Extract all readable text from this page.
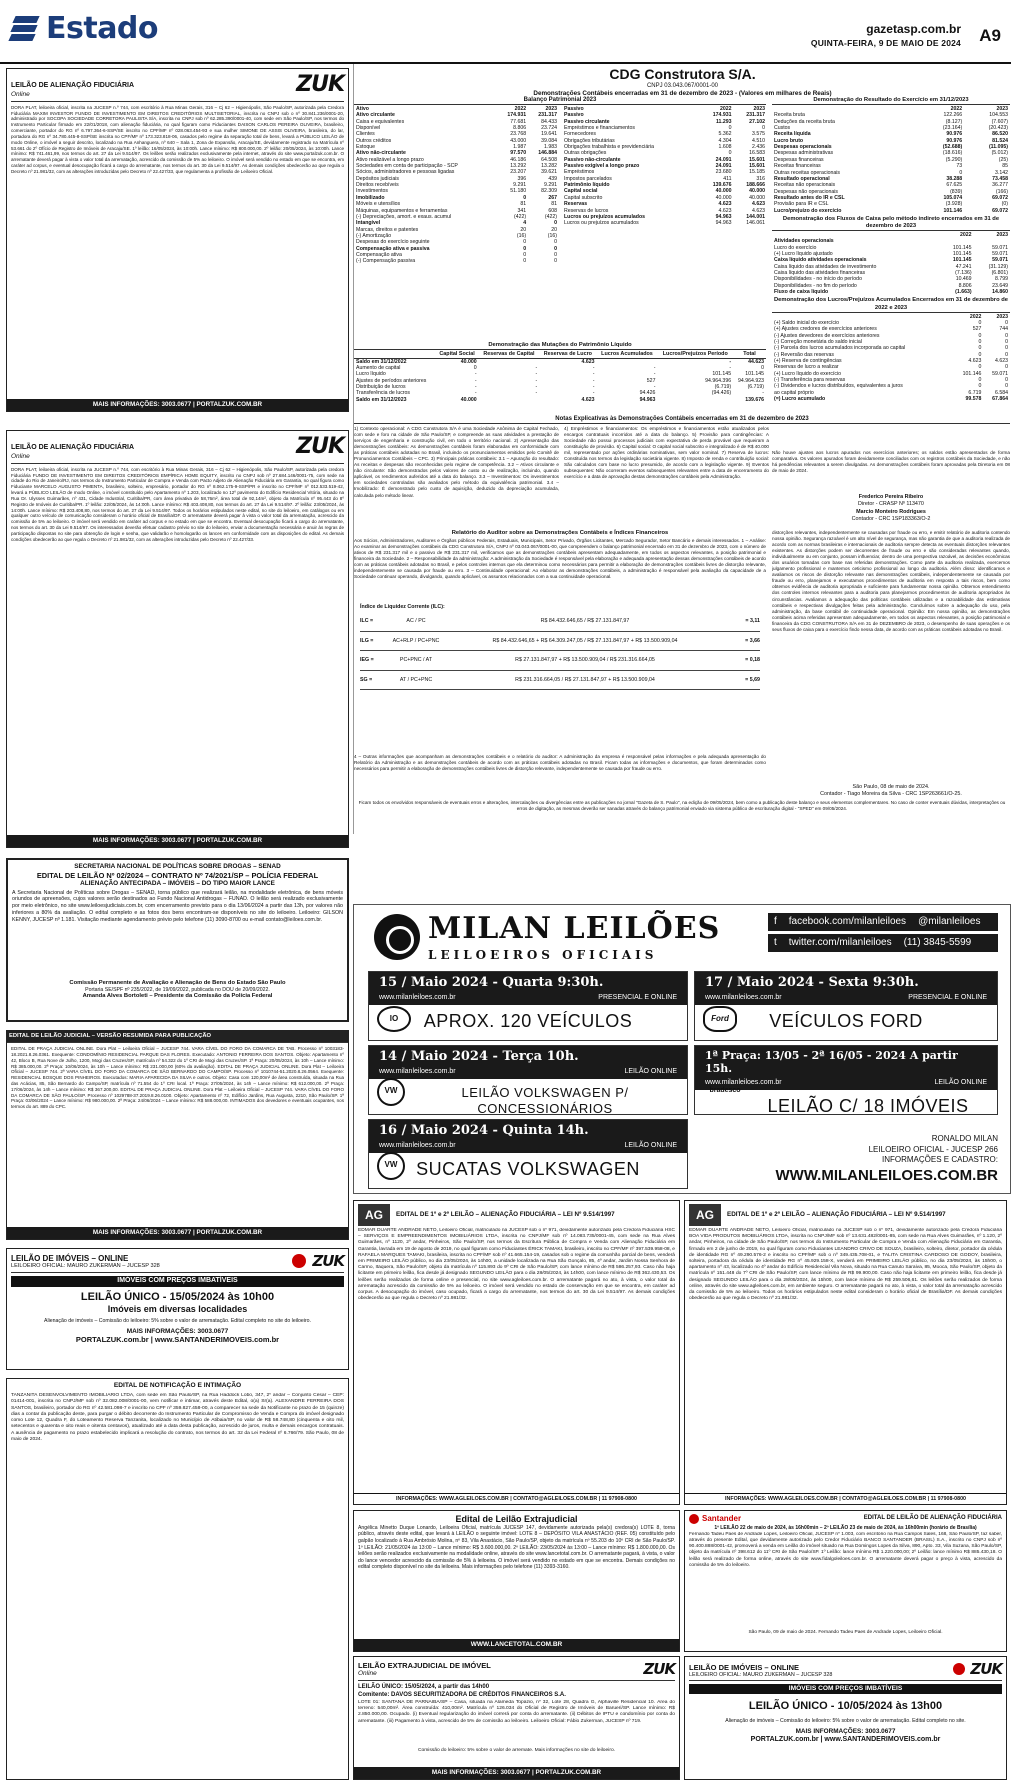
Estado	gazetasp.com.br
QUINTA-FEIRA, 9 DE MAIO DE 2024 A9
LEILÃO DE ALIENAÇÃO FIDUCIÁRIA
Online	ZUK
DORA PLAT, leiloeira oficial, inscrita na JUCESP n.º 744, com escritório à Rua Minas Gerais, 316 – Cj 62 – Higienópolis, São Paulo/SP, autorizada pela Credora Fiduciária MAXIM INVESTOR FUNDO DE INVESTIMENTO EM DIREITOS CREDITÓRIOS MULTISETORIAL, inscrita no CNPJ sob o nº 30.841.236/0001-20, administrado por SOCOPA SOCIEDADE CORRETORA PAULISTA S/A, inscrita no CNPJ sob nº 62.285.390/0001-40, com sede em São Paulo/SP, nos termos do Instrumento Particular firmado em 22/01/2018, com alienação fiduciária, no qual figuram como Fiduciantes DAISON CARLOS PEREIRA OLIVEIRA, brasileiro, comerciante, portador do RG nº 6.797.364-6-SSP/SE inscrito no CPF/MF nº 028.063.454-93 e sua mulher SIMONE DE ASSIS OLIVEIRA, brasileira, do lar, portadora do RG nº 34.780.445-8-SSP/SE inscrita no CPF/MF nº 173.323.818-06, casados pelo regime da separação total de bens, levará a PÚBLICO LEILÃO de modo Online, o imóvel a seguir descrito, localizado na Rua Anhanguera, nº 640 – Sala 1, Zona de Expansão, Aracaju/SE, devidamente registrado na Matrícula nº 53.661 do 2º Ofício de Registro de Imóveis de Aracaju/SE. 1º leilão: 16/05/2024, às 10:00h. Lance mínimo: R$ 800.000,00. 2º leilão: 20/05/2024, às 10:00h. Lance mínimo: R$ 741.461,99, nos termos do art. 27 da Lei 9.514/97. Os leilões serão realizados exclusivamente pela internet, através do site www.portalzuk.com.br. O arrematante deverá pagar à vista o valor total da arrematação, acrescido da comissão de 5% ao leiloeiro. O imóvel será vendido no estado em que se encontra, em caráter ad corpus, e eventual desocupação ficará a cargo do arrematante, nos termos do art. 30 da Lei 9.514/97. As demais condições obedecerão ao que regula o Decreto nº 21.981/32, com as alterações introduzidas pelo Decreto nº 22.427/33, que regulamenta a profissão de Leiloeiro Oficial.
MAIS INFORMAÇÕES: 3003.0677 | PORTALZUK.COM.BR
LEILÃO DE ALIENAÇÃO FIDUCIÁRIA
Online	ZUK
DORA PLAT, leiloeira oficial, inscrita na JUCESP n.º 744, com escritório à Rua Minas Gerais, 316 – Cj 62 – Higienópolis, São Paulo/SP, autorizada pela credora Fiduciária FUNDO DE INVESTIMENTO EM DIREITOS CREDITÓRIOS EMPÍRICA HOME EQUITY, inscrito no CNPJ sob nº 27.684.146/0001-75, com sede na cidade do Rio de Janeiro/RJ, nos termos do Instrumento Particular de Compra e Venda com Pacto Adjeto de Alienação Fiduciária em Garantia, no qual figura como Fiduciante MARCELO AUGUSTO PIMENTA, brasileiro, solteiro, empresário, portador do RG nº 8.062.175-9-SSP/PR e inscrito no CPF/MF nº 012.533.519-42, levará a PÚBLICO LEILÃO de modo Online, o imóvel constituído pelo Apartamento nº 1.203, localizado no 12º pavimento do Edifício Residencial Vitória, situado na Rua Dr. Ulysses Guimarães, nº 431, Cidade Industrial, Curitiba/PR, com área privativa de 58,76m², área total de 92,14m², objeto da Matrícula nº 95.443 do 8º Registro de Imóveis de Curitiba/PR. 1º leilão: 22/05/2024, às 14:00h. Lance mínimo: R$ 403.408,80, nos termos do art. 27 da Lei 9.514/97. 2º leilão: 23/05/2024, às 14:00h. Lance mínimo: R$ 203.408,80, nos termos do art. 27 da Lei 9.514/97. Todos os horários estipulados neste edital, no site do leiloeiro, em catálogos ou em qualquer outro veículo de comunicação consideram o horário oficial de Brasília/DF. O arrematante deverá pagar à vista o valor total da arrematação, acrescido da comissão de 5% ao leiloeiro. O imóvel será vendido em caráter ad corpus e no estado em que se encontra. Eventual desocupação ficará a cargo do arrematante, nos termos do art. 30 da Lei 9.514/97. Os interessados deverão efetuar cadastro prévio no site do leiloeiro, enviar a documentação necessária e anuir às regras de participação dispostas no site para obtenção de login e senha, que validarão e homologarão os lances em conformidade com as disposições do edital. As demais condições obedecerão ao que regula o Decreto nº 21.981/32, com as alterações introduzidas pelo Decreto nº 22.427/33.
MAIS INFORMAÇÕES: 3003.0677 | PORTALZUK.COM.BR
SECRETARIA NACIONAL DE POLÍTICAS SOBRE DROGAS – SENAD
EDITAL DE LEILÃO Nº 02/2024 – CONTRATO Nº 74/2021/SP – POLÍCIA FEDERAL
ALIENAÇÃO ANTECIPADA – IMÓVEIS – DO TIPO MAIOR LANCE
A Secretaria Nacional de Políticas sobre Drogas – SENAD, torna público que realizará leilão, na modalidade eletrônica, de bens móveis oriundos de apreensões, cujos valores serão destinados ao Fundo Nacional Antidrogas – FUNAD. O leilão será realizado exclusivamente por meio eletrônico, no site www.leiloesjudiciais.com.br, com encerramento previsto para o dia 13/06/2024 a partir das 13h, por valores não inferiores a 80% da avaliação. O edital completo e as fotos dos bens encontram-se disponíveis no site do leiloeiro. Leiloeiro: GILSON KENNY, JUCESP nº 1.181. Visitação mediante agendamento prévio pelo telefone (11) 3090-8700 ou e-mail contato@leiloes.com.br.
Comissão Permanente de Avaliação e Alienação de Bens do Estado São Paulo
Portaria SE/SPF nº 235/2022, de 19/09/2022, publicada no DOU de 20/09/2022.
Amanda Alves Bortoleti – Presidente da Comissão da Polícia Federal
EDITAL DE LEILÃO JUDICIAL – VERSÃO RESUMIDA PARA PUBLICAÇÃO
EDITAL DE PRAÇA JUDICIAL ONLINE. Dora Plat – Leiloeira Oficial – JUCESP 744. VARA CÍVEL DO FORO DA COMARCA DE TAB. Processo nº 1003183-18.2021.8.26.0361. Exequente: CONDOMÍNIO RESIDENCIAL PARQUE DAS FLORES. Executado: ANTONIO FERREIRA DOS SANTOS. Objeto: Apartamento nº 42, Bloco B, Rua Nove de Julho, 1200, Mogi das Cruzes/SP, matrícula nº 54.322 do 1º CRI de Mogi das Cruzes/SP. 1ª Praça: 20/05/2024, às 10h – Lance mínimo: R$ 385.000,00. 2ª Praça: 10/06/2024, às 10h – Lance mínimo: R$ 231.000,00 (60% da avaliação). EDITAL DE PRAÇA JUDICIAL ONLINE. Dora Plat – Leiloeira Oficial – JUCESP 744. 2ª VARA CÍVEL DO FORO DA COMARCA DE SÃO BERNARDO DO CAMPO/SP. Processo nº 1010744-51.2020.8.26.0564. Exequente: RESIDENCIAL BOSQUE DOS PINHEIROS. Executados: MARIA APARECIDA DA SILVA e outros. Objeto: Casa com 120,00m² de área construída, situada na Rua das Acácias, 85, São Bernardo do Campo/SP, matrícula nº 71.554 do 1º CRI local. 1ª Praça: 27/05/2024, às 14h – Lance mínimo: R$ 612.000,00. 2ª Praça: 17/06/2024, às 14h – Lance mínimo: R$ 367.200,00. EDITAL DE PRAÇA JUDICIAL ONLINE. Dora Plat – Leiloeira Oficial – JUCESP 744. VARA CÍVEL DO FORO DA COMARCA DE SÃO PAULO/SP. Processo nº 1029788-37.2019.8.26.0100. Objeto: Apartamento nº 72, Edifício Jardins, Rua Augusta, 2210, São Paulo/SP. 1ª Praça: 03/06/2024 – Lance mínimo: R$ 980.000,00. 2ª Praça: 24/06/2024 – Lance mínimo: R$ 588.000,00. INTIMADOS dos devedores e eventuais ocupantes, nos termos do art. 889 do CPC.
MAIS INFORMAÇÕES: 3003.0677 | PORTALZUK.COM.BR
LEILÃO DE IMÓVEIS – ONLINE
LEILOEIRO OFICIAL: MAURO ZUKERMAN – JUCESP 328	ZUK
IMÓVEIS COM PREÇOS IMBATÍVEIS
LEILÃO ÚNICO - 15/05/2024 às 10h00
Imóveis em diversas localidades
Alienação de imóveis – Comissão do leiloeiro: 5% sobre o valor de arrematação. Edital completo no site do leiloeiro.
MAIS INFORMAÇÕES: 3003.0677
PORTALZUK.com.br | www.SANTANDERIMOVEIS.com.br
EDITAL DE NOTIFICAÇÃO E INTIMAÇÃO
TANZANITA DESENVOLVIMENTO IMOBILIÁRIO LTDA, com sede em São Paulo/SP, na Rua Haddock Lobo, 347, 2º andar – Conjunto César – CEP: 01414-001, inscrita no CNPJ/MF sob nº 32.082.008/0001-00, vem notificar e intimar, através deste Edital, o(a) Sr(a). ALEXANDRE FERREIRA DOS SANTOS, brasileiro, portador do RG nº 42.581.098-7 e inscrito no CPF nº 359.827.458-00, a comparecer na sede da Notificante no prazo de 15 (quinze) dias a contar da publicação deste, para purgar o débito decorrente do Instrumento Particular de Compromisso de Venda e Compra do imóvel designado como Lote 12, Quadra F, do Loteamento Reserva Tanzanita, localizado no Município de Atibaia/SP, no valor de R$ 58.748,80 (cinquenta e oito mil, setecentos e quarenta e oito reais e oitenta centavos), atualizado até a data desta publicação, acrescido de juros, multa e demais encargos contratuais. A ausência de pagamento no prazo estabelecido implicará a resolução do contrato, nos termos do art. 32 da Lei Federal nº 6.766/79. São Paulo, 08 de maio de 2024.
CDG Construtora S/A.
CNPJ 03.043.067/0001-00
Demonstrações Contábeis encerradas em 31 de dezembro de 2023 - (Valores em milhares de Reais)
Balanço Patrimonial 2023
Ativo	2022	2023
Ativo circulante	174.931	231.317
Caixa e equivalentes	77.681	84.433
Disponível	8.806	23.724
Clientes	23.768	19.641
Outros créditos	43.000	39.084
Estoque	1.987	1.983
Ativo não-circulante	97.570	146.884
Ativo realizável a longo prazo	46.186	64.508
Sociedades em conta de participação - SCP	13.292	13.282
Sócios, administradores e pessoas ligadas	23.207	39.621
Depósitos judiciais	396	439
Direitos recebíveis	9.291	9.291
Investimentos	51.180	82.309
Imobilizado	0	267
Móveis e utensílios	81	81
Máquinas, equipamentos e ferramentas	341	608
(-) Depreciações, amort. e exaus. acumul	(422)	(422)
Intangível	4	0
Marcas, direitos e patentes	20	20
(-) Amortização	(16)	(16)
Despesas do exercício seguinte	0	0
Compensação ativa e passiva	0	0
Compensação ativa	0	0
(-) Compensação passiva	0	0
Passivo	2022	2023
Passivo	174.931	231.317
Passivo circulante	11.293	27.102
Empréstimos e financiamentos	0	0
Fornecedores	5.362	3.575
Obrigações tributárias	4.304	4.510
Obrigações trabalhista e previdenciária	1.608	2.436
Outras obrigações	0	16.583
Passivo não-circulante	24.091	15.601
Passivo exigível a longo prazo	24.091	15.601
Empréstimos	23.680	15.185
Impostos parcelados	411	316
Patrimônio líquido	139.676	188.666
Capital social	40.000	40.000
Capital subscrito	40.000	40.000
Reservas	4.623	4.623
Reservas de lucros	4.623	4.623
Lucros ou prejuízos acumulados	94.963	144.001
Lucros ou prejuízos acumulados	94.963	146.061
Demonstração do Resultado do Exercício em 31/12/2023
	2022	2023
Receita bruta	122.266	104.553
Deduções da receita bruta	(8.127)	(7.607)
Custos	(23.164)	(20.423)
Receita líquida	90.976	86.520
Lucro bruto	90.976	81.524
Despesas operacionais	(52.688)	(11.095)
Despesas administrativas	(18.616)	(5.012)
Despesas financeiras	(5.290)	(25)
Receitas financeiras	73	85
Outras receitas operacionais	0	3.142
Resultado operacional	38.288	73.458
Receitas não operacionais	67.625	36.277
Despesas não operacionais	(839)	(166)
Resultado antes do IR e CSL	105.074	69.072
Provisão para IR e CSL	(3.928)	(0)
Lucro/prejuízo do exercício	101.146	69.072
Demonstração dos Fluxos de Caixa pelo método indireto encerrados em 31 de dezembro de 2023
	2022	2023
Atividades operacionais		
Lucro do exercício	101.145	59.071
(+) Lucro líquido ajustado	101.145	59.071
Caixa líquido atividades operacionais	101.145	59.071
Caixa líquido das atividades de investimento	47.241	(31.129)
Caixa líquido das atividades financeiras	(7.136)	(6.801)
Disponibilidades - no início do período	10.469	8.799
Disponibilidades - no fim do período	8.806	23.649
Fluxo de caixa líquido	(1.663)	14.860
Demonstração dos Lucros/Prejuízos Acumulados Encerrados em 31 de dezembro de 2022 e 2023
	2022	2023
(+) Saldo inicial do exercício	0	0
(+) Ajustes credores de exercícios anteriores	527	744
(-) Ajustes devedores de exercícios anteriores	0	0
(-) Correção monetária do saldo inicial	0	0
(-) Parcela dos lucros acumulados incorporada ao capital	0	0
(-) Reversão das reservas	0	0
(+) Reserva de contingências	4.623	4.623
Reservas de lucro a realizar	0	0
(+) Lucro líquido do exercício	101.146	59.071
(-) Transferência para reservas	0	0
(-) Dividendos e lucros distribuídos, equivalentes a juros	0	0
ao capital próprio	6.719	6.584
(=) Lucro acumulado	99.578	67.864
Demonstração das Mutações do Patrimônio Líquido
	Capital Social	Reservas de Capital	Reservas de Lucro	Lucros Acumulados	Lucros/Prejuízos Período	Total
Saldo em 31/12/2022	40.000		4.623		-	44.623
Aumento de capital	0	-	-	-	-	0
Lucro líquido	-	-	-	-	101.145	101.145
Ajustes de períodos anteriores	-	-	-	527	94.964.396	94.964.923
Distribuição de lucros	-	-	-	-	(6.719)	(6.719)
Transferência de lucros	-	-	-	94.426	(94.426)	-
Saldo em 31/12/2023	40.000		4.623	94.963		139.676
Notas Explicativas às Demonstrações Contábeis encerradas em 31 de dezembro de 2023
1) Contexto operacional: A CDG Construtora S/A é uma Sociedade Anônima de Capital Fechado, com sede e foro na cidade de São Paulo/SP, e compreende as suas atividades a prestação de serviços de engenharia e construção civil, em todo o território nacional. 2) Apresentação das demonstrações contábeis: As demonstrações contábeis foram elaboradas em conformidade com as práticas contábeis adotadas no Brasil, incluindo os pronunciamentos emitidos pelo Comitê de Pronunciamentos Contábeis – CPC. 3) Principais práticas contábeis: 3.1 – Apuração do resultado: As receitas e despesas são reconhecidas pelo regime de competência. 3.2 – Ativos circulante e não circulante: São demonstrados pelos valores de custo ou de realização, incluindo, quando aplicável, os rendimentos auferidos até a data do balanço. 3.3 – Investimentos: Os investimentos em sociedades controladas são avaliados pelo método da equivalência patrimonial. 3.4 – Imobilizado: É demonstrado pelo custo de aquisição, deduzido da depreciação acumulada, calculada pelo método linear.
4) Empréstimos e financiamentos: Os empréstimos e financiamentos estão atualizados pelos encargos contratuais incorridos até a data do balanço. 5) Provisão para contingências: A Sociedade não possui processos judiciais com expectativa de perda provável que requeiram a constituição de provisão. 6) Capital social: O capital social subscrito e integralizado é de R$ 40.000 mil, representado por ações ordinárias nominativas, sem valor nominal. 7) Reserva de lucros: Constituída nos termos da legislação societária vigente. 8) Imposto de renda e contribuição social: São calculados com base no lucro presumido, de acordo com a legislação vigente. 9) Eventos subsequentes: Não ocorreram eventos subsequentes relevantes entre a data de encerramento do exercício e a data de aprovação destas demonstrações contábeis pela Administração.
Não houve ajustes aos lucros apurados nos exercícios anteriores; os saldos estão apresentados de forma comparativa. Os valores apurados foram devidamente conciliados com os registros contábeis da Sociedade, e não há pendências relevantes a serem divulgadas. As demonstrações contábeis foram aprovadas pela Diretoria em 08 de maio de 2024.
Frederico Pereira Ribeiro
Diretor - CRASP Nº 113470
Marcio Monteiro Rodrigues
Contador - CRC 1SP183363/O-2
Relatório do Auditor sobre as Demonstrações Contábeis e Índices Financeiros
Aos Sócios, Administradores, Auditores e Órgãos públicos Federais, Estaduais, Municipais, Setor Privado, Órgãos Licitantes, Mercado Segurador, Setor Bancário e demais interessados. 1 – Análise: Ao examinar as demonstrações contábeis da CDG Construtora S/A, CNPJ nº 03.043.067/0001-00, que compreendem o balanço patrimonial encerrado em 31 de dezembro de 2023, com o número de ativos de R$ 231.317 mil e o passivo de R$ 231.317 mil, verificamos que as demonstrações contábeis apresentam adequadamente, em todos os aspectos relevantes, a posição patrimonial e financeira da Sociedade. 2 – Responsabilidade da administração: A administração da Sociedade é responsável pela elaboração e adequada apresentação dessas demonstrações contábeis de acordo com as práticas contábeis adotadas no Brasil, e pelos controles internos que ela determinou como necessários para permitir a elaboração de demonstrações contábeis livres de distorção relevante, independentemente se causada por fraude ou erro. 3 – Continuidade operacional: Ao elaborar as demonstrações contábeis, a administração é responsável pela avaliação da capacidade de a Sociedade continuar operando, divulgando, quando aplicável, os assuntos relacionados com a sua continuidade operacional.
distorções relevantes, independentemente se causadas por fraude ou erro, e emitir relatório de auditoria contendo nossa opinião. Segurança razoável é um alto nível de segurança, mas não garantia de que a auditoria realizada de acordo com as normas brasileiras e internacionais de auditoria sempre detecta as eventuais distorções relevantes existentes. As distorções podem ser decorrentes de fraude ou erro e são consideradas relevantes quando, individualmente ou em conjunto, possam influenciar, dentro de uma perspectiva razoável, as decisões econômicas dos usuários tomadas com base nas referidas demonstrações. Como parte da auditoria realizada, exercemos julgamento profissional e mantemos ceticismo profissional ao longo da auditoria. Além disso: identificamos e avaliamos os riscos de distorção relevante nas demonstrações contábeis, independentemente se causada por fraude ou erro, planejamos e executamos procedimentos de auditoria em resposta a tais riscos, bem como obtemos evidência de auditoria apropriada e suficiente para fundamentar nossa opinião. Obtemos entendimento dos controles internos relevantes para a auditoria para planejarmos procedimentos de auditoria apropriados às circunstâncias. Avaliamos a adequação das políticas contábeis utilizadas e a razoabilidade das estimativas contábeis e respectivas divulgações feitas pela administração. Concluímos sobre a adequação do uso, pela administração, da base contábil de continuidade operacional. Opinião: Em nossa opinião, as demonstrações contábeis acima referidas apresentam adequadamente, em todos os aspectos relevantes, a posição patrimonial e financeira da CDG CONSTRUTORA S/A em 31 de DEZEMBRO de 2023, o desempenho de suas operações e os seus fluxos de caixa para o exercício findo nessa data, de acordo com as práticas contábeis adotadas no Brasil.
São Paulo, 08 de maio de 2024.
Contador - Tiago Moreira da Silva - CRC 1SP263661/O-25.
Índice de Liquidez Corrente (ILC):
ILC =	AC / PC	R$ 84.432.646,65 / R$ 27.131.847,97	= 3,11
ILG =	AC+RLP / PC+PNC	R$ 84.432.646,65 + R$ 64.309.247,05 / R$ 27.131.847,97 + R$ 13.500.909,04	= 3,66
IEG =	PC+PNC / AT	R$ 27.131.847,97 + R$ 13.500.909,04 / R$ 231.316.664,05	= 0,18
SG =	AT / PC+PNC	R$ 231.316.664,05 / R$ 27.131.847,97 + R$ 13.500.909,04	= 5,69
4 – Outras informações que acompanham as demonstrações contábeis e o relatório do auditor: A administração da empresa é responsável pelas informações e pela adequada apresentação do Relatório da Administração e as demonstrações contábeis de acordo com as práticas contábeis adotadas no Brasil. Ficam todas as informações e documentos, que foram determinados como necessários para permitir a elaboração de demonstrações contábeis livres de distorção relevante, independentemente se causada por fraude ou erro.
Ficam todos os envolvidos responsáveis de eventuais erros e alterações, intercalações ou divergências entre as publicações no jornal "Gazeta de S. Paulo", na edição de 09/05/2024, bem como a publicação deste balanço e seus elementos complementares. No caso de conter eventuais dúvidas, interpretações ou erros de digitação, as mesmas deverão ser sanadas através do balanço patrimonial enviado via sistema público de escrituração digital - "SPED" em 09/05/2024.
MILAN LEILÕES
LEILOEIROS OFICIAIS
f facebook.com/milanleiloes @milanleiloes
t twitter.com/milanleiloes (11) 3845-5599
15 / Maio 2024 - Quarta 9:30h.
www.milanleiloes.com.br	PRESENCIAL E ONLINE
APROX. 120 VEÍCULOS
IO
17 / Maio 2024 - Sexta 9:30h.
www.milanleiloes.com.br	PRESENCIAL E ONLINE
VEÍCULOS FORD
Ford
14 / Maio 2024 - Terça 10h.
www.milanleiloes.com.br	LEILÃO ONLINE
LEILÃO VOLKSWAGEN P/ CONCESSIONÁRIOS
VW
1ª Praça: 13/05 - 2ª 16/05 - 2024 A partir 15h.
www.milanleiloes.com.br	LEILÃO ONLINE
LEILÃO C/ 18 IMÓVEIS
bradesco
16 / Maio 2024 - Quinta 14h.
www.milanleiloes.com.br	LEILÃO ONLINE
SUCATAS VOLKSWAGEN
VW
RONALDO MILAN
LEILOEIRO OFICIAL - JUCESP 266
INFORMAÇÕES E CADASTRO:
WWW.MILANLEILOES.COM.BR
AG	EDITAL DE 1º e 2º LEILÃO – ALIENAÇÃO FIDUCIÁRIA – LEI Nº 9.514/1997
EDMAR DUARTE ANDRADE NETO, Leiloeiro Oficial, matriculado na JUCESP sob o nº 971, devidamente autorizado pela Credora Fiduciária HSC – SERVIÇOS E EMPREENDIMENTOS IMOBILIÁRIOS LTDA, inscrita no CNPJ/MF sob nº 14.083.735/0001-45, com sede na Rua Alves Guimarães, nº 1120, 2º andar, Pinheiros, São Paulo/SP, nos termos da Escritura Pública de Compra e Venda com Alienação Fiduciária em Garantia, lavrada em 19 de agosto de 2019, no qual figuram como Fiduciantes ÉRICK TAMAKI, brasileiro, inscrito no CPF/MF nº 397.539.958-08, e RAFAELA MARQUES TAMAKI, brasileira, inscrita no CPF/MF sob nº 41.665.154-19, casados sob o regime da comunhão parcial de bens, venderá em PRIMEIRO LEILÃO público, no dia 23/05/2024, às 14h00, a unidade localizada na Rua São Gonçalo, 85, 4º andar, Jardim Nossa Senhora de Carmo, Itaquera, São Paulo/SP, objeto da matrícula nº 115.893 do 9º CRI de São Paulo/SP, com lance mínimo de R$ 586.257,93. Caso não haja licitante em primeiro leilão, fica desde já designado SEGUNDO LEILÃO para o dia 28/05/2024, às 14h00, com lance mínimo de R$ 362.430,53. Os leilões serão realizados de forma online e presencial, no site www.agleiloes.com.br. O arrematante pagará no ato, à vista, o valor total da arrematação acrescido da comissão de 5% ao leiloeiro. O imóvel será vendido no estado de conservação em que se encontra, em caráter ad corpus. A desocupação do imóvel, caso ocupado, ficará a cargo do arrematante, nos termos do art. 30 da Lei 9.514/97. As demais condições obedecerão ao que regula o Decreto nº 21.981/32.
INFORMAÇÕES: WWW.AGLEILOES.COM.BR | CONTATO@AGLEILOES.COM.BR | 11 97908-0800
AG	EDITAL DE 1º e 2º LEILÃO – ALIENAÇÃO FIDUCIÁRIA – LEI Nº 9.514/1997
EDMAR DUARTE ANDRADE NETO, Leiloeiro Oficial, matriculado na JUCESP sob o nº 971, devidamente autorizado pela Credora Fiduciária BOA VIDA PRODUTOS IMOBILIÁRIOS LTDA, inscrita no CNPJ/MF sob nº 13.631.482/0001-85, com sede na Rua Alves Guimarães, nº 1.120, 2º andar, Pinheiros, na cidade de São Paulo/SP, nos termos do Instrumento Particular de Compra e Venda com Alienação Fiduciária em Garantia, firmado em 2 de junho de 2019, no qual figuram como Fiduciantes LEANDRO CRIVO DE SOUZA, brasileiro, solteiro, diretor, portador da cédula de identidade RG nº 49.290.576-2 e inscrito no CPF/MF sob o nº 349.435.708-01, e TALITA CRISTINA CARDOSO DE GODOY, brasileira, solteira, portadora da cédula de identidade RG nº 45.929.158-X, venderá em PRIMEIRO LEILÃO público, no dia 23/05/2024, às 15h00, o apartamento nº 43, localizado no 4º andar do Edifício Residencial Vila Nova, situado na Rua Canuto Saraiva, 85, Mooca, São Paulo/SP, objeto da matrícula nº 151.448 do 7º CRI de São Paulo/SP, com lance mínimo de R$ 99.900,00. Caso não haja licitante em primeiro leilão, fica desde já designado SEGUNDO LEILÃO para o dia 28/05/2024, às 15h00, com lance mínimo de R$ 259.506,61. Os leilões serão realizados de forma online, através do site www.agleiloes.com.br, em ambiente seguro. O arrematante pagará no ato, à vista, o valor total da arrematação acrescido da comissão de 5% ao leiloeiro. Todos os horários estipulados neste edital consideram o horário oficial de Brasília/DF. As demais condições obedecerão ao que regula o Decreto nº 21.981/32.
INFORMAÇÕES: WWW.AGLEILOES.COM.BR | CONTATO@AGLEILOES.COM.BR | 11 97908-0800
Edital de Leilão Extrajudicial
Angélica Minetto Duque Lonardo, Leiloeira Oficial, matrícula JUCESP 147, devidamente autorizada pela(s) credora(s) LOTE 8, torna público, através deste edital, que levará à LEILÃO o seguinte imóvel: LOTE 8 – DEPÓSITO VILA ANASTÁCIO (REF. 05) constituído pelo galpão localizado à Rua Ambrósio Molina, nº 83, Vila Anastácio, São Paulo/SP, objeto da matrícula nº 55.203 do 10º CRI de São Paulo/SP. 1º LEILÃO: 21/05/2024 às 13:00 – Lance mínimo: R$ 3.600.000,00. 2º LEILÃO: 23/05/2024 às 13:00 – Lance mínimo: R$ 1.800.000,00. Os leilões serão realizados exclusivamente na modalidade online, através do site www.lancetotal.com.br. O arrematante pagará, à vista, o valor do lance vencedor acrescido da comissão de 5% à leiloeira. O imóvel será vendido no estado em que se encontra. Demais condições no edital completo disponível no site da leiloeira. Mais informações pelo telefone (11) 3393-3160.
WWW.LANCETOTAL.COM.BR
Santander	EDITAL DE LEILÃO DE ALIENAÇÃO FIDUCIÁRIA
1º LEILÃO 22 de maio de 2024, às 16h00min – 2º LEILÃO 23 de maio de 2024, às 16h00min (horário de Brasília)
Fernando Tadeu Paes de Andrade Lopes, Leiloeiro Oficial, JUCESP nº 1.003, com escritório na Rua Campos Sales, 168, São Paulo/SP, faz saber, através do presente Edital, que devidamente autorizado pelo Credor Fiduciário BANCO SANTANDER (BRASIL) S.A., inscrito no CNPJ sob nº 90.400.888/0001-42, promoverá a venda em Leilão do imóvel situado na Rua Domingos Lopes da Silva, 890, Apto. 33, Vila Suzana, São Paulo/SP, objeto da matrícula nº 398.612 do 11º CRI de São Paulo/SP. 1º Leilão: lance mínimo R$ 1.220.000,00; 2º Leilão: lance mínimo R$ 885.430,18. O leilão será realizado de forma online, através do site www.fidalgoleiloes.com.br. O arrematante deverá pagar o preço à vista, acrescido da comissão de 5% do leiloeiro.
São Paulo, 09 de maio de 2024. Fernando Tadeu Paes de Andrade Lopes, Leiloeiro Oficial.
LEILÃO EXTRAJUDICIAL DE IMÓVEL
Online	ZUK
LEILÃO ÚNICO: 15/05/2024, a partir das 14h00
Comitente: DAVOS SECURITIZADORA DE CRÉDITOS FINANCEIROS S.A.
LOTE 01: SANTANA DE PARNAÍBA/SP – Casa, situada na Alameda Topázio, nº 32, Lote 28, Quadra G, Alphaville Residencial 10. Área do terreno: 540,00m². Área construída: 410,00m². Matrícula nº 126.034 do Oficial de Registro de Imóveis de Barueri/SP. Lance mínimo: R$ 2.850.000,00. Ocupado. (i) Eventual regularização do imóvel correrá por conta do arrematante. (ii) Débitos de IPTU e condomínio por conta do arrematante. (iii) Pagamento à vista, acrescido de 5% de comissão ao leiloeiro. Leiloeiro Oficial: Fábio Zukerman, JUCESP nº 719.
Comissão do leiloeiro: 5% sobre o valor de arremate. Mais informações no site do leiloeiro.
MAIS INFORMAÇÕES: 3003.0677 | PORTALZUK.COM.BR
LEILÃO DE IMÓVEIS – ONLINE
LEILOEIRO OFICIAL: MAURO ZUKERMAN – JUCESP 328	ZUK
IMÓVEIS COM PREÇOS IMBATÍVEIS
LEILÃO ÚNICO - 10/05/2024 às 13h00
Alienação de imóveis – Comissão do leiloeiro: 5% sobre o valor de arrematação. Edital completo no site.
MAIS INFORMAÇÕES: 3003.0677
PORTALZUK.com.br | www.SANTANDERIMOVEIS.com.br
